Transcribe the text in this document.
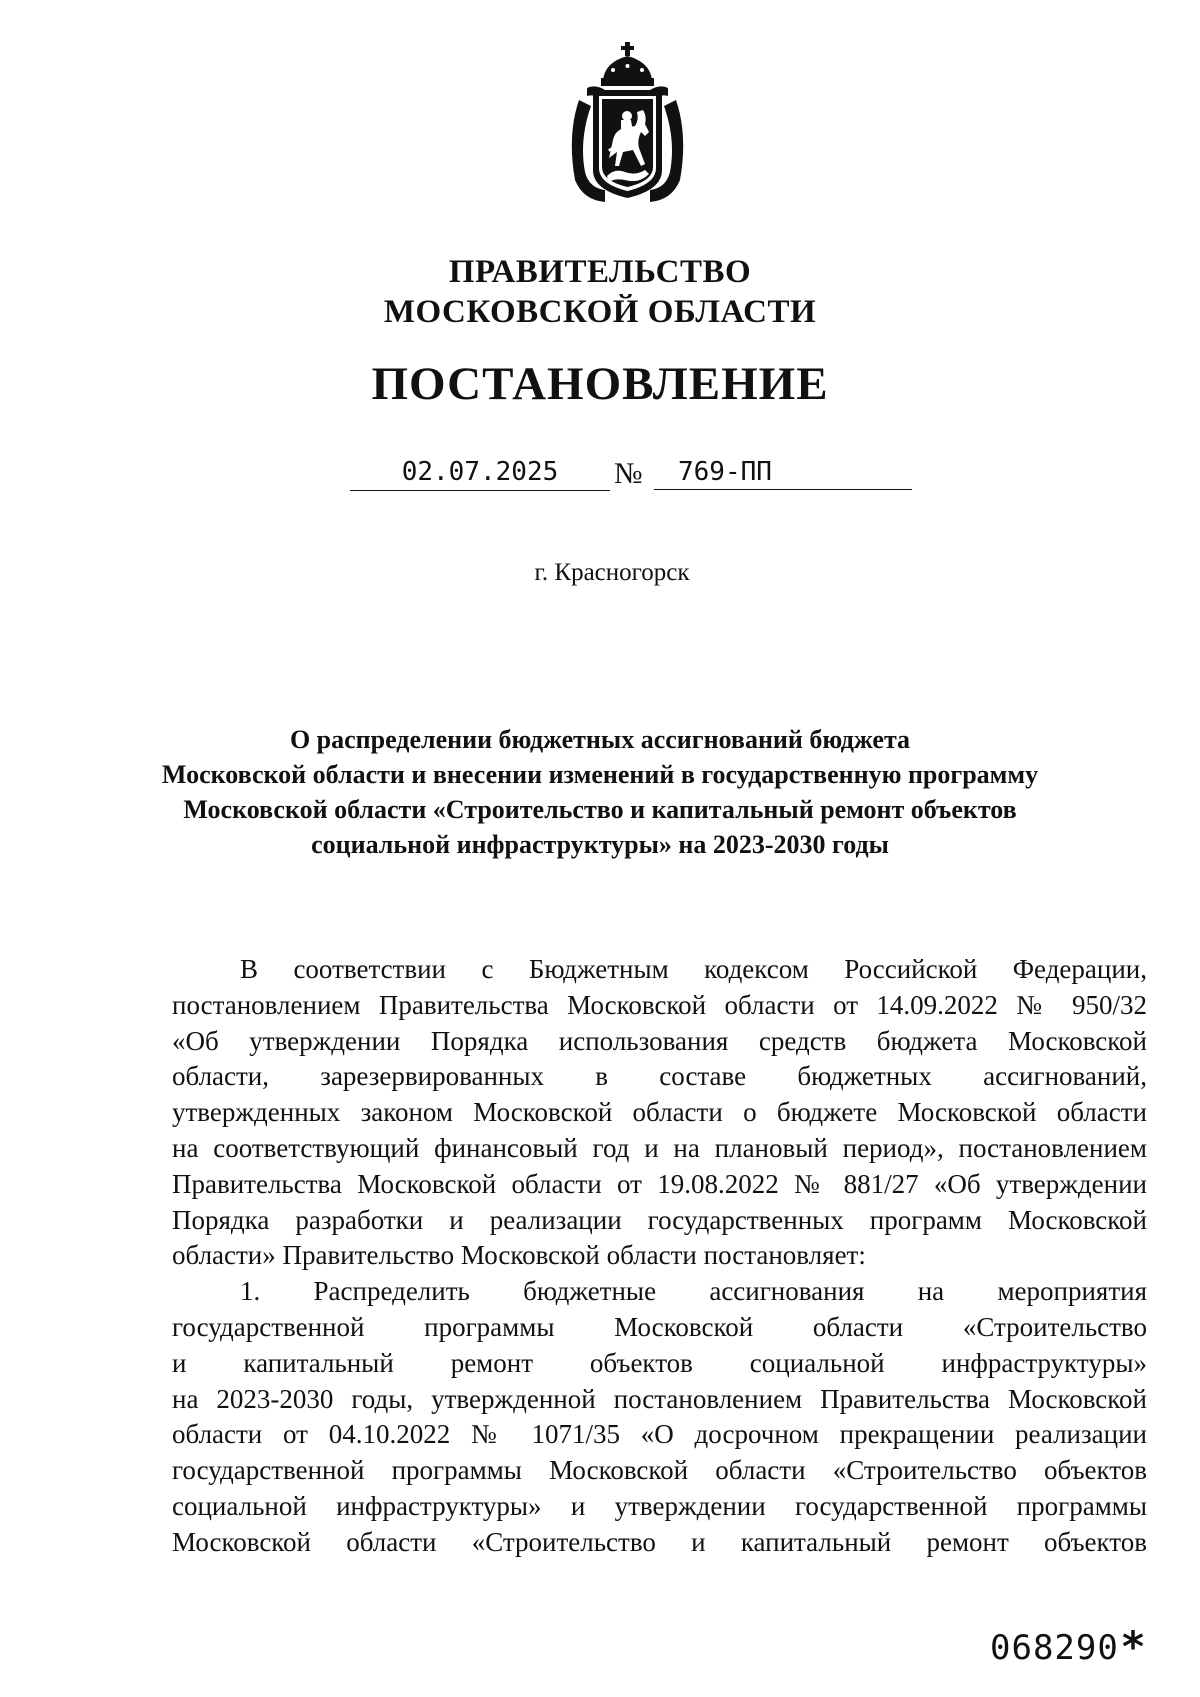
ПРАВИТЕЛЬСТВО
МОСКОВСКОЙ ОБЛАСТИ
ПОСТАНОВЛЕНИЕ
02.07.2025	№	769-ПП
г. Красногорск
О распределении бюджетных ассигнований бюджета
Московской области и внесении изменений в государственную программу
Московской области «Строительство и капитальный ремонт объектов
социальной инфраструктуры» на 2023-2030 годы
В соответствии с Бюджетным кодексом Российской Федерации,
постановлением Правительства Московской области от 14.09.2022 № 950/32
«Об утверждении Порядка использования средств бюджета Московской
области, зарезервированных в составе бюджетных ассигнований,
утвержденных законом Московской области о бюджете Московской области
на соответствующий финансовый год и на плановый период», постановлением
Правительства Московской области от 19.08.2022 № 881/27 «Об утверждении
Порядка разработки и реализации государственных программ Московской
области» Правительство Московской области постановляет:
1. Распределить бюджетные ассигнования на мероприятия
государственной программы Московской области «Строительство
и капитальный ремонт объектов социальной инфраструктуры»
на 2023-2030 годы, утвержденной постановлением Правительства Московской
области от 04.10.2022 № 1071/35 «О досрочном прекращении реализации
государственной программы Московской области «Строительство объектов
социальной инфраструктуры» и утверждении государственной программы
Московской области «Строительство и капитальный ремонт объектов
068290 *
